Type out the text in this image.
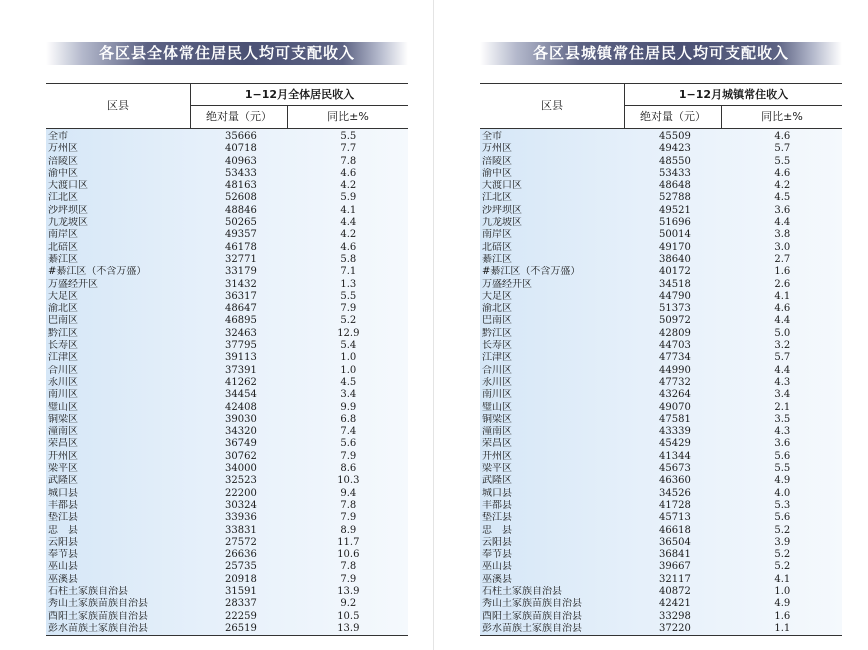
各区县全体常住居民人均可支配收入
区县
1−12月全体居民收入
绝对量（元）	同比±%
全市	35666	5.5
万州区	40718	7.7
涪陵区	40963	7.8
渝中区	53433	4.6
大渡口区	48163	4.2
江北区	52608	5.9
沙坪坝区	48846	4.1
九龙坡区	50265	4.4
南岸区	49357	4.2
北碚区	46178	4.6
綦江区	32771	5.8
#綦江区（不含万盛）	33179	7.1
万盛经开区	31432	1.3
大足区	36317	5.5
渝北区	48647	7.9
巴南区	46895	5.2
黔江区	32463	12.9
长寿区	37795	5.4
江津区	39113	1.0
合川区	37391	1.0
永川区	41262	4.5
南川区	34454	3.4
璧山区	42408	9.9
铜梁区	39030	6.8
潼南区	34320	7.4
荣昌区	36749	5.6
开州区	30762	7.9
梁平区	34000	8.6
武隆区	32523	10.3
城口县	22200	9.4
丰都县	30324	7.8
垫江县	33936	7.9
忠　县	33831	8.9
云阳县	27572	11.7
奉节县	26636	10.6
巫山县	25735	7.8
巫溪县	20918	7.9
石柱土家族自治县	31591	13.9
秀山土家族苗族自治县	28337	9.2
酉阳土家族苗族自治县	22259	10.5
彭水苗族土家族自治县	26519	13.9
各区县城镇常住居民人均可支配收入
区县
1−12月城镇常住收入
绝对量（元）	同比±%
全市	45509	4.6
万州区	49423	5.7
涪陵区	48550	5.5
渝中区	53433	4.6
大渡口区	48648	4.2
江北区	52788	4.5
沙坪坝区	49521	3.6
九龙坡区	51696	4.4
南岸区	50014	3.8
北碚区	49170	3.0
綦江区	38640	2.7
#綦江区（不含万盛）	40172	1.6
万盛经开区	34518	2.6
大足区	44790	4.1
渝北区	51373	4.6
巴南区	50972	4.4
黔江区	42809	5.0
长寿区	44703	3.2
江津区	47734	5.7
合川区	44990	4.4
永川区	47732	4.3
南川区	43264	3.4
璧山区	49070	2.1
铜梁区	47581	3.5
潼南区	43339	4.3
荣昌区	45429	3.6
开州区	41344	5.6
梁平区	45673	5.5
武隆区	46360	4.9
城口县	34526	4.0
丰都县	41728	5.3
垫江县	45713	5.6
忠　县	46618	5.2
云阳县	36504	3.9
奉节县	36841	5.2
巫山县	39667	5.2
巫溪县	32117	4.1
石柱土家族自治县	40872	1.0
秀山土家族苗族自治县	42421	4.9
酉阳土家族苗族自治县	33298	1.6
彭水苗族土家族自治县	37220	1.1
